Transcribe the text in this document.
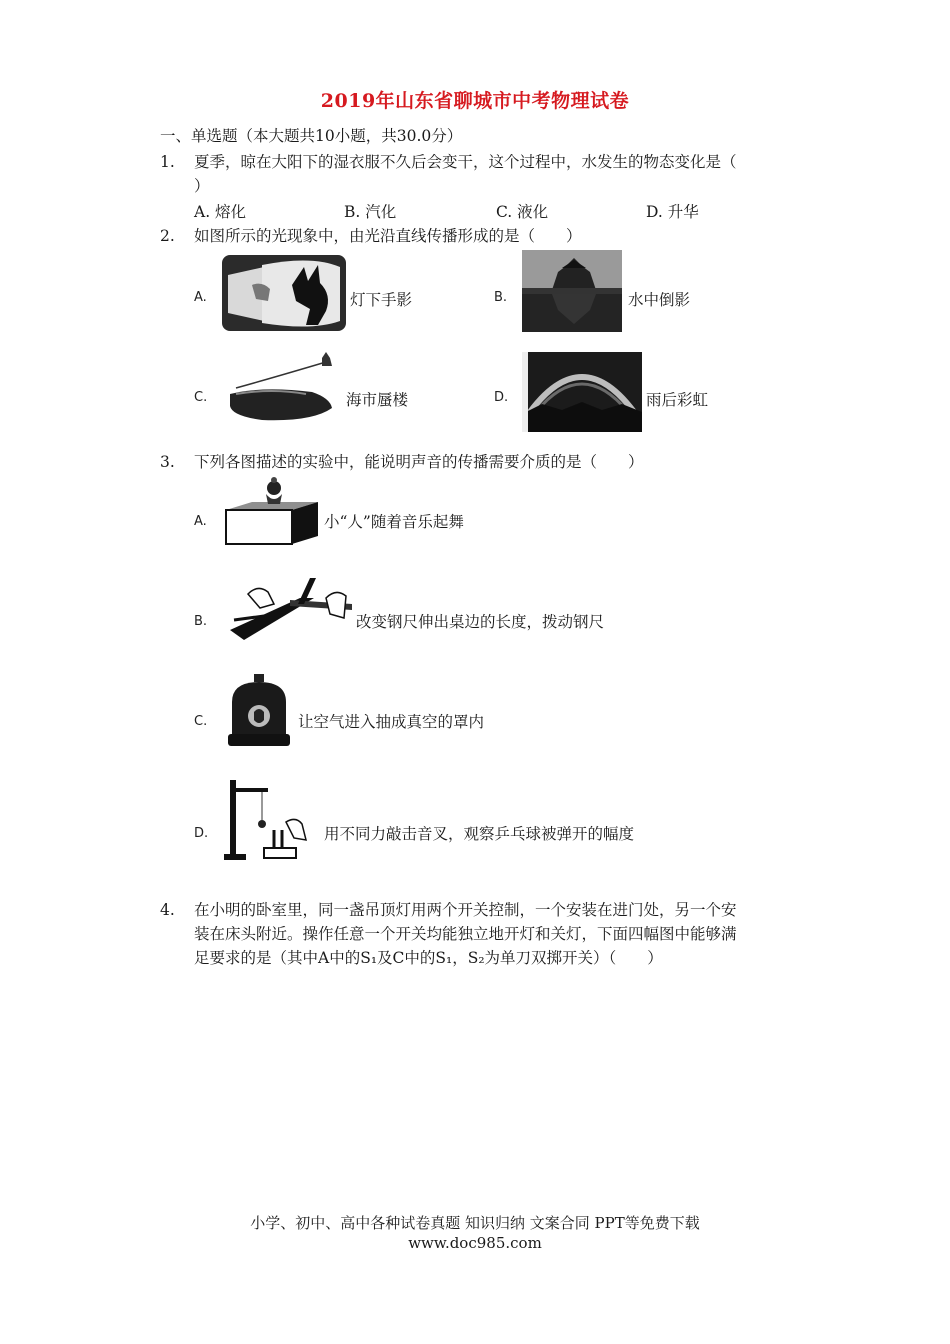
2019年山东省聊城市中考物理试卷
一、单选题（本大题共10小题，共30.0分）
1. 夏季，晾在大阳下的湿衣服不久后会变干，这个过程中，水发生的物态变化是（
）
A. 熔化	B. 汽化	C. 液化	D. 升华
2. 如图所示的光现象中，由光沿直线传播形成的是（　　）
A.	灯下手影	B.	水中倒影
C.	海市蜃楼	D.	雨后彩虹
3. 下列各图描述的实验中，能说明声音的传播需要介质的是（　　）
A.	小“人”随着音乐起舞
B.	改变钢尺伸出桌边的长度，拨动钢尺
C.	让空气进入抽成真空的罩内
D.	用不同力敲击音叉，观察乒乓球被弹开的幅度
4. 在小明的卧室里，同一盏吊顶灯用两个开关控制，一个安装在进门处，另一个安
装在床头附近。操作任意一个开关均能独立地开灯和关灯，下面四幅图中能够满
足要求的是（其中A中的S₁及C中的S₁，S₂为单刀双掷开关）（　　）
小学、初中、高中各种试卷真题 知识归纳 文案合同 PPT等免费下载
www.doc985.com
